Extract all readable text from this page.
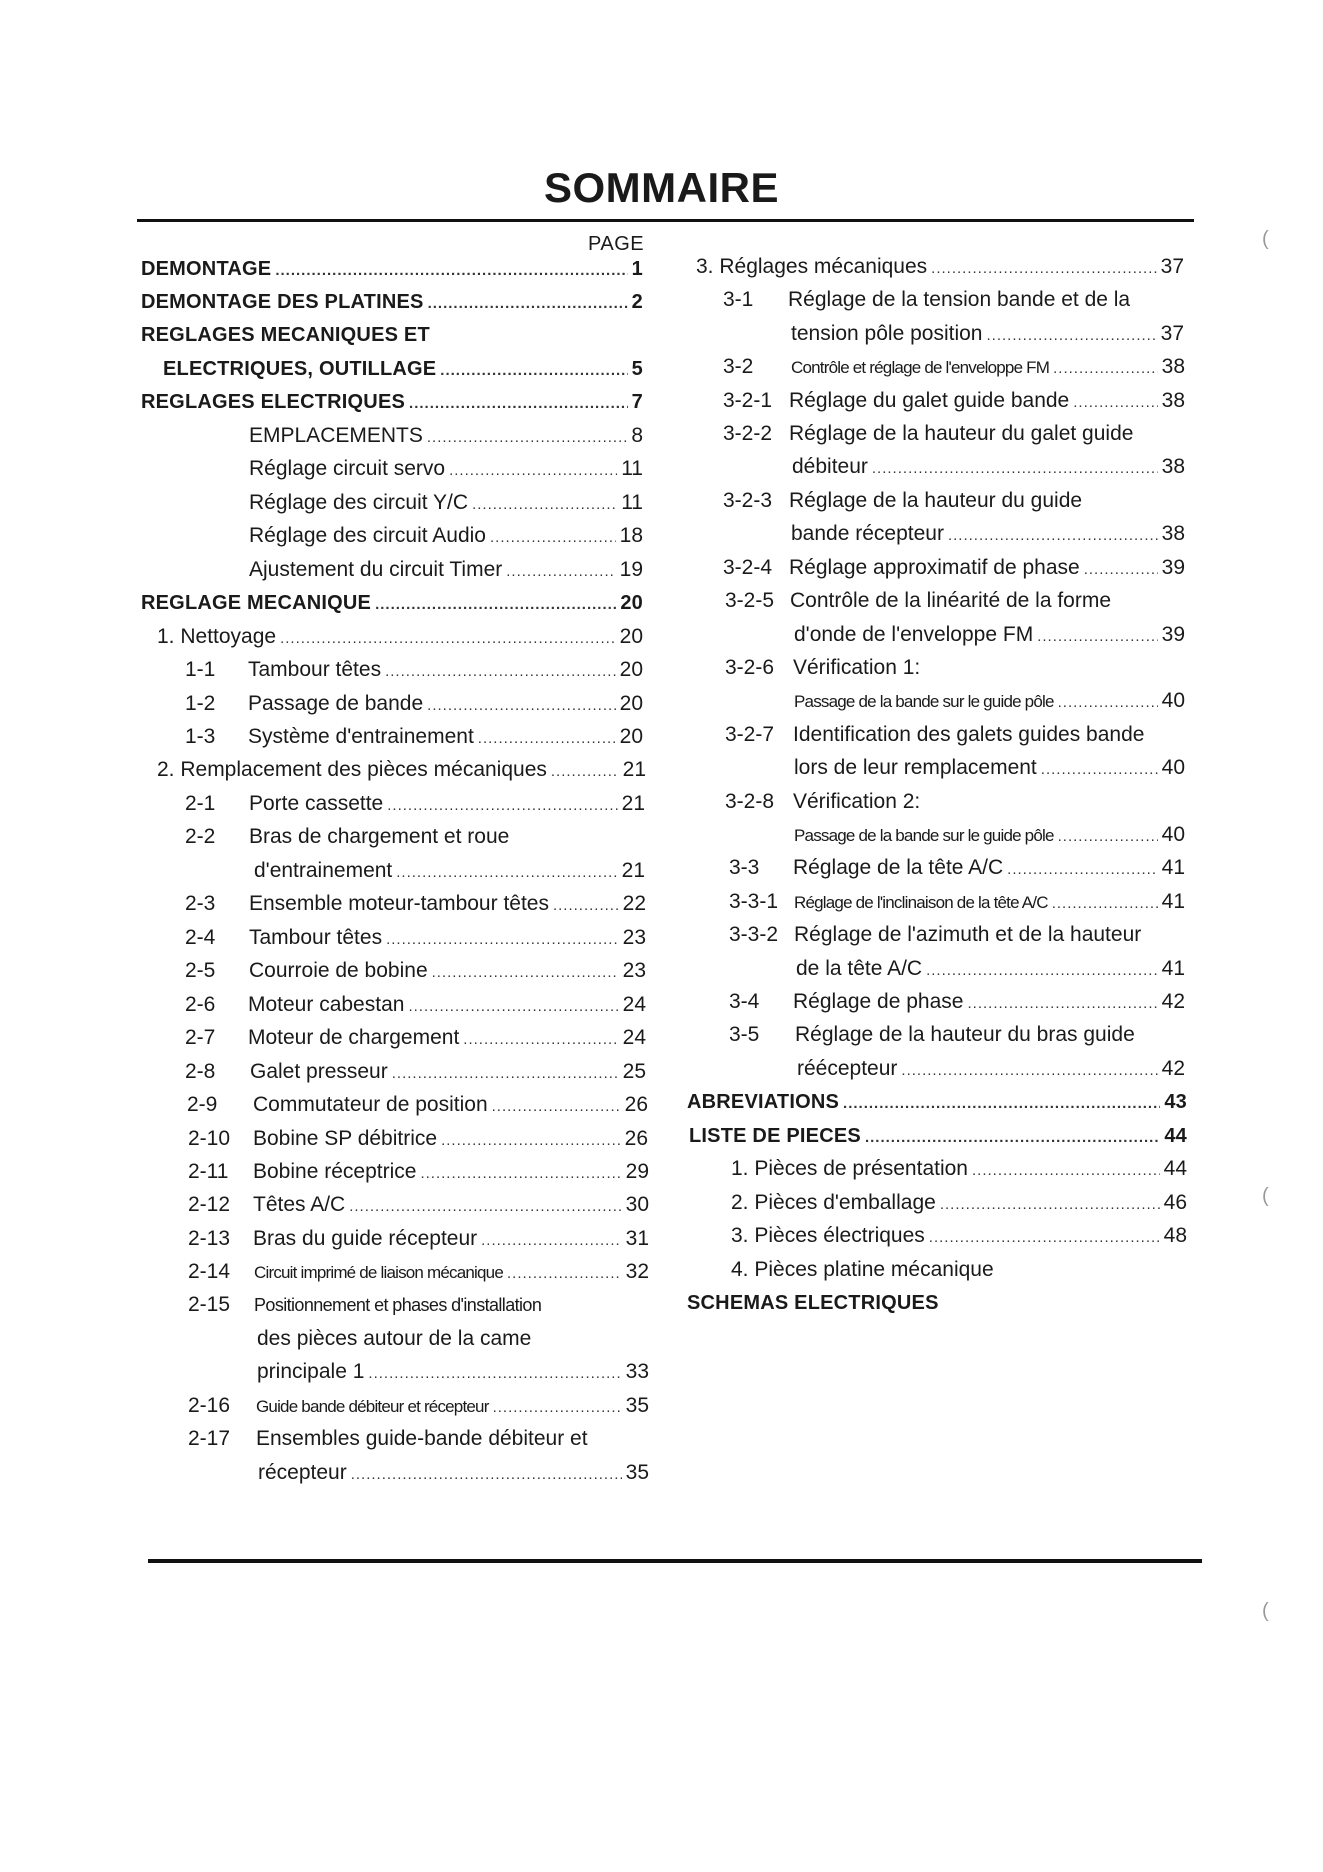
SOMMAIRE
PAGE
DEMONTAGE .....	1
DEMONTAGE DES PLATINES .....	2
REGLAGES MECANIQUES ET
ELECTRIQUES, OUTILLAGE .....	5
REGLAGES ELECTRIQUES .....	7
EMPLACEMENTS .....	8
Réglage circuit servo .....	11
Réglage des circuit Y/C .....	11
Réglage des circuit Audio .....	18
Ajustement du circuit Timer .....	19
REGLAGE MECANIQUE .....	20
1. Nettoyage .....	20
1-1 Tambour têtes .....	20
1-2 Passage de bande .....	20
1-3 Système d'entrainement .....	20
2. Remplacement des pièces mécaniques .....	21
2-1 Porte cassette .....	21
2-2 Bras de chargement et roue
d'entrainement .....	21
2-3 Ensemble moteur-tambour têtes .....	22
2-4 Tambour têtes .....	23
2-5 Courroie de bobine .....	23
2-6 Moteur cabestan .....	24
2-7 Moteur de chargement .....	24
2-8 Galet presseur .....	25
2-9 Commutateur de position .....	26
2-10 Bobine SP débitrice .....	26
2-11 Bobine réceptrice .....	29
2-12 Têtes A/C .....	30
2-13 Bras du guide récepteur .....	31
2-14 Circuit imprimé de liaison mécanique .....	32
2-15 Positionnement et phases d'installation
des pièces autour de la came
principale 1 .....	33
2-16 Guide bande débiteur et récepteur .....	35
2-17 Ensembles guide-bande débiteur et
récepteur .....	35
3. Réglages mécaniques .....	37
3-1 Réglage de la tension bande et de la
tension pôle position .....	37
3-2 Contrôle et réglage de l'enveloppe FM .....	38
3-2-1 Réglage du galet guide bande .....	38
3-2-2 Réglage de la hauteur du galet guide
débiteur .....	38
3-2-3 Réglage de la hauteur du guide
bande récepteur .....	38
3-2-4 Réglage approximatif de phase .....	39
3-2-5 Contrôle de la linéarité de la forme
d'onde de l'enveloppe FM .....	39
3-2-6 Vérification 1:
Passage de la bande sur le guide pôle .....	40
3-2-7 Identification des galets guides bande
lors de leur remplacement .....	40
3-2-8 Vérification 2:
Passage de la bande sur le guide pôle .....	40
3-3 Réglage de la tête A/C .....	41
3-3-1 Réglage de l'inclinaison de la tête A/C .....	41
3-3-2 Réglage de l'azimuth et de la hauteur
de la tête A/C .....	41
3-4 Réglage de phase .....	42
3-5 Réglage de la hauteur du bras guide
réécepteur .....	42
ABREVIATIONS .....	43
LISTE DE PIECES .....	44
1. Pièces de présentation .....	44
2. Pièces d'emballage .....	46
3. Pièces électriques .....	48
4. Pièces platine mécanique
SCHEMAS ELECTRIQUES
(
(
(
